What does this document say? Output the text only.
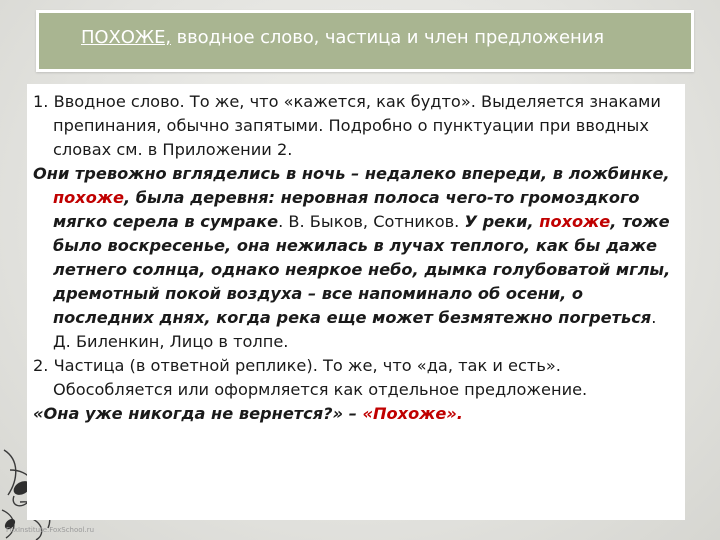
ПОХОЖЕ, вводное слово, частица и член предложения

1. Вводное слово. То же, что «кажется, как будто». Выделяется знаками препинания, обычно запятыми. Подробно о пунктуации при вводных словах см. в Приложении 2.

Они тревожно вгляделись в ночь – недалеко впереди, в ложбинке, похоже, была деревня: неровная полоса чего-то громоздкого мягко серела в сумраке. В. Быков, Сотников. У реки, похоже, тоже было воскресенье, она нежилась в лучах теплого, как бы даже летнего солнца, однако неяркое небо, дымка голубоватой мглы, дремотный покой воздуха – все напоминало об осени, о последних днях, когда река еще может безмятежно погреться. Д. Биленкин, Лицо в толпе.

2. Частица (в ответной реплике). То же, что «да, так и есть». Обособляется или оформляется как отдельное предложение.

«Она уже никогда не вернется?» – «Похоже».

FoxInstitute.FoxSchool.ru
